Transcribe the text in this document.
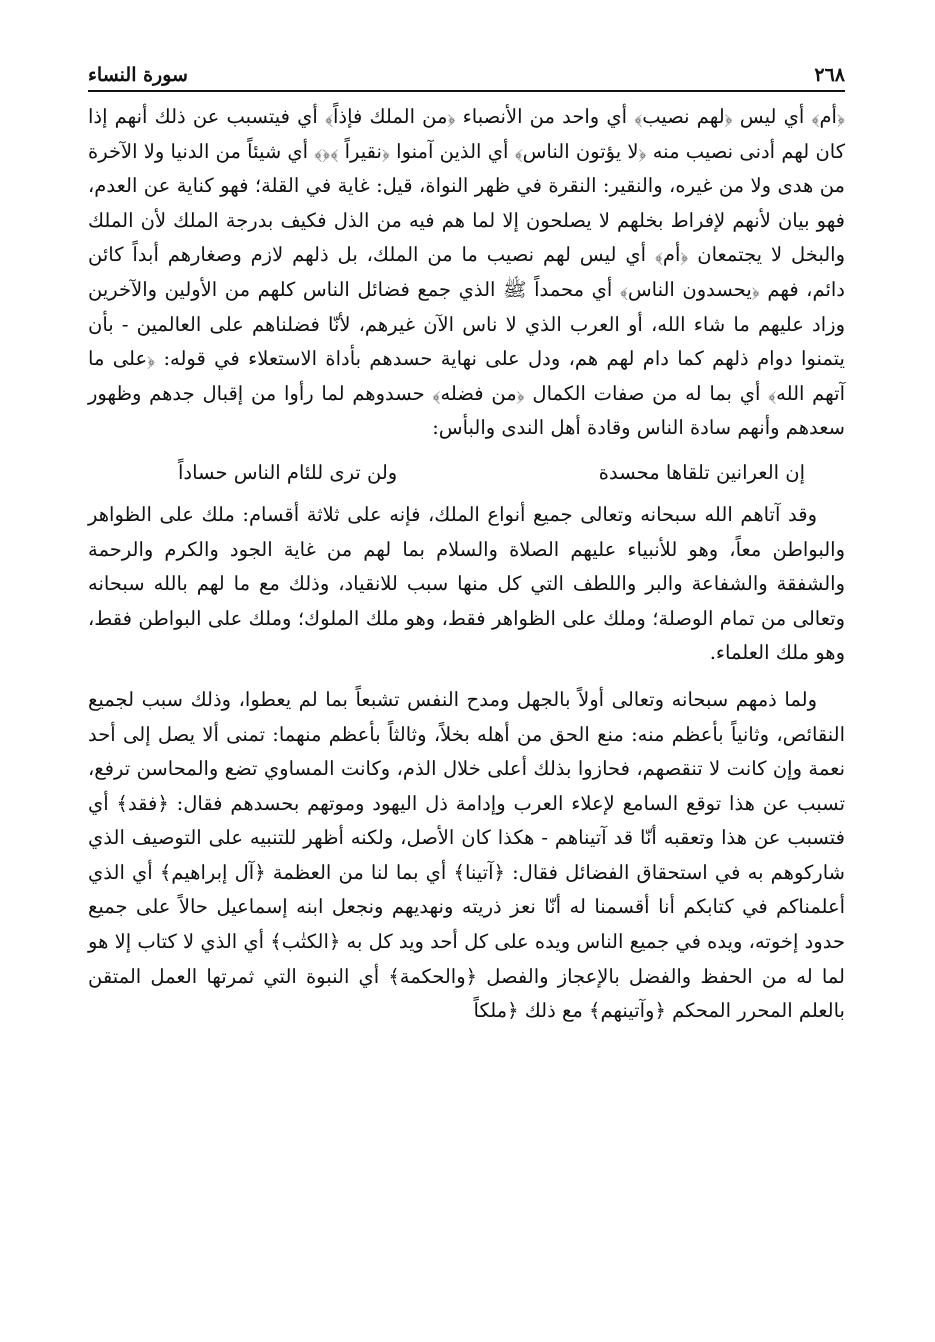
٢٦٨
سورة النساء

﴿أم﴾ أي ليس ﴿لهم نصيب﴾ أي واحد من الأنصباء ﴿من الملك فإذاً﴾ أي فيتسبب عن ذلك أنهم إذا كان لهم أدنى نصيب منه ﴿لا يؤتون الناس﴾ أي الذين آمنوا ﴿نقيراً ﴾﴿﴾ أي شيئاً من الدنيا ولا الآخرة من هدى ولا من غيره، والنقير: النقرة في ظهر النواة، قيل: غاية في القلة؛ فهو كناية عن العدم، فهو بيان لأنهم لإفراط بخلهم لا يصلحون إلا لما هم فيه من الذل فكيف بدرجة الملك لأن الملك والبخل لا يجتمعان ﴿أم﴾ أي ليس لهم نصيب ما من الملك، بل ذلهم لازم وصغارهم أبداً كائن دائم، فهم ﴿يحسدون الناس﴾ أي محمداً ﷺ الذي جمع فضائل الناس كلهم من الأولين والآخرين وزاد عليهم ما شاء الله، أو العرب الذي لا ناس الآن غيرهم، لأنّا فضلناهم على العالمين - بأن يتمنوا دوام ذلهم كما دام لهم هم، ودل على نهاية حسدهم بأداة الاستعلاء في قوله: ﴿على ما آتهم الله﴾ أي بما له من صفات الكمال ﴿من فضله﴾ حسدوهم لما رأوا من إقبال جدهم وظهور سعدهم وأنهم سادة الناس وقادة أهل الندى والبأس:

إن العرانين تلقاها محسدة
ولن ترى للئام الناس حساداً

وقد آتاهم الله سبحانه وتعالى جميع أنواع الملك، فإنه على ثلاثة أقسام: ملك على الظواهر والبواطن معاً، وهو للأنبياء عليهم الصلاة والسلام بما لهم من غاية الجود والكرم والرحمة والشفقة والشفاعة والبر واللطف التي كل منها سبب للانقياد، وذلك مع ما لهم بالله سبحانه وتعالى من تمام الوصلة؛ وملك على الظواهر فقط، وهو ملك الملوك؛ وملك على البواطن فقط، وهو ملك العلماء.

ولما ذمهم سبحانه وتعالى أولاً بالجهل ومدح النفس تشبعاً بما لم يعطوا، وذلك سبب لجميع النقائص، وثانياً بأعظم منه: منع الحق من أهله بخلاً، وثالثاً بأعظم منهما: تمنى ألا يصل إلى أحد نعمة وإن كانت لا تنقصهم، فحازوا بذلك أعلى خلال الذم، وكانت المساوي تضع والمحاسن ترفع، تسبب عن هذا توقع السامع لإعلاء العرب وإدامة ذل اليهود وموتهم بحسدهم فقال: ﴿فقد﴾ أي فتسبب عن هذا وتعقبه أنّا قد آتيناهم - هكذا كان الأصل، ولكنه أظهر للتنبيه على التوصيف الذي شاركوهم به في استحقاق الفضائل فقال: ﴿آتينا﴾ أي بما لنا من العظمة ﴿آل إبراهيم﴾ أي الذي أعلمناكم في كتابكم أنا أقسمنا له أنّا نعز ذريته ونهديهم ونجعل ابنه إسماعيل حالاً على جميع حدود إخوته، ويده في جميع الناس ويده على كل أحد ويد كل به ﴿الكتٰب﴾ أي الذي لا كتاب إلا هو لما له من الحفظ والفضل بالإعجاز والفصل ﴿والحكمة﴾ أي النبوة التي ثمرتها العمل المتقن بالعلم المحرر المحكم ﴿وآتينهم﴾ مع ذلك ﴿ملكاً
